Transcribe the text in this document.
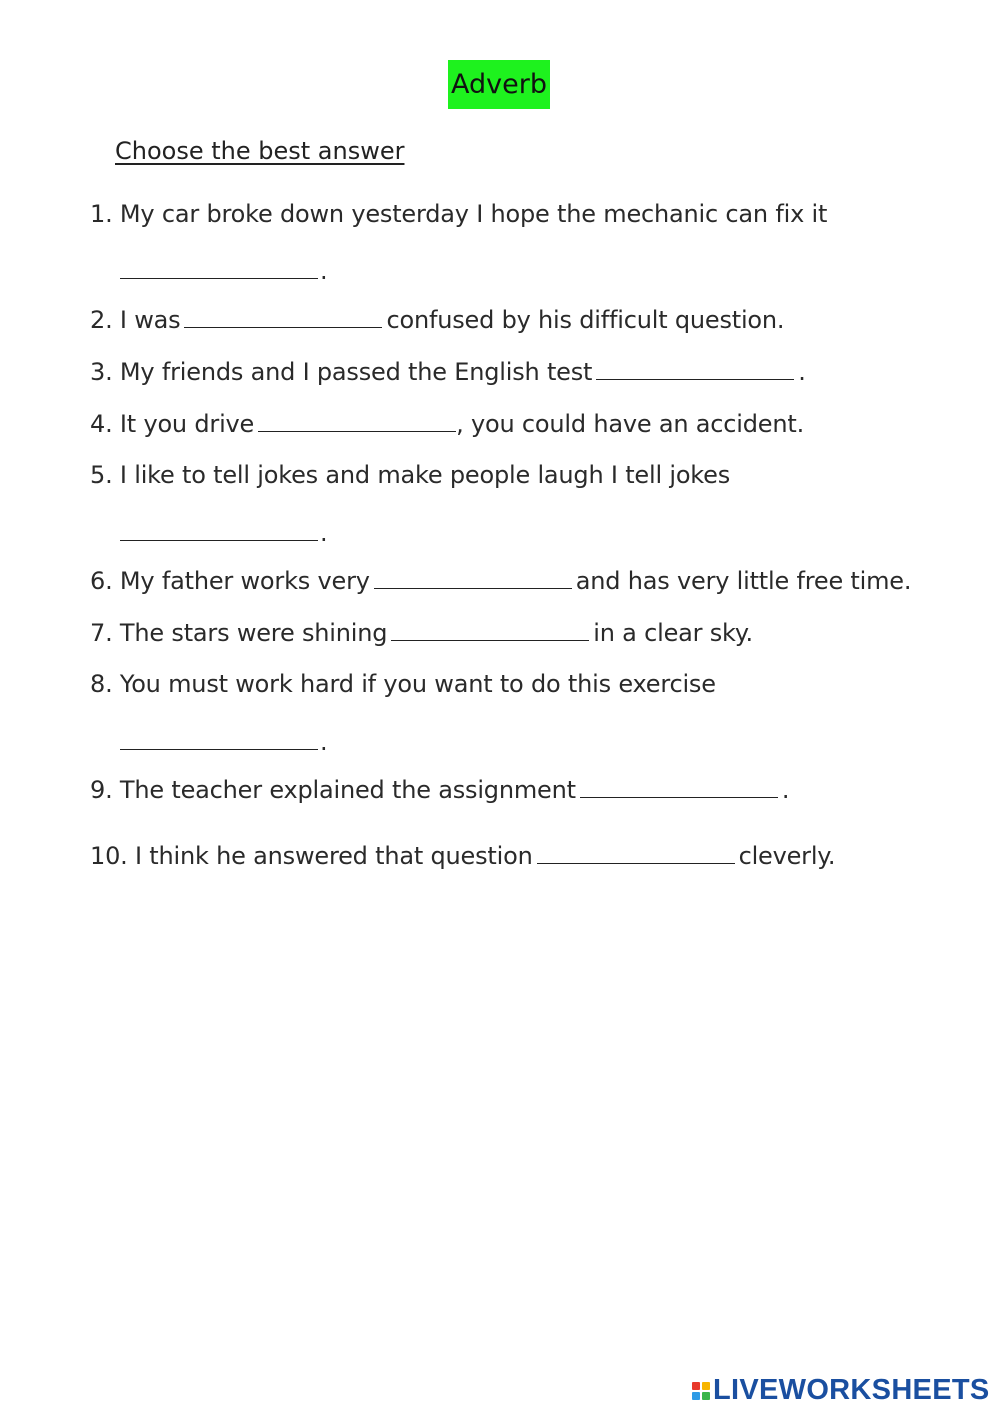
Adverb
Choose the best answer
1. My car broke down yesterday I hope the mechanic can fix it
.
2. I was	confused by his difficult question.
3. My friends and I passed the English test	.
4. It you drive	, you could have an accident.
5. I like to tell jokes and make people laugh I tell jokes
.
6. My father works very	and has very little free time.
7. The stars were shining	in a clear sky.
8. You must work hard if you want to do this exercise
.
9. The teacher explained the assignment	.
10. I think he answered that question	cleverly.
LIVEWORKSHEETS
